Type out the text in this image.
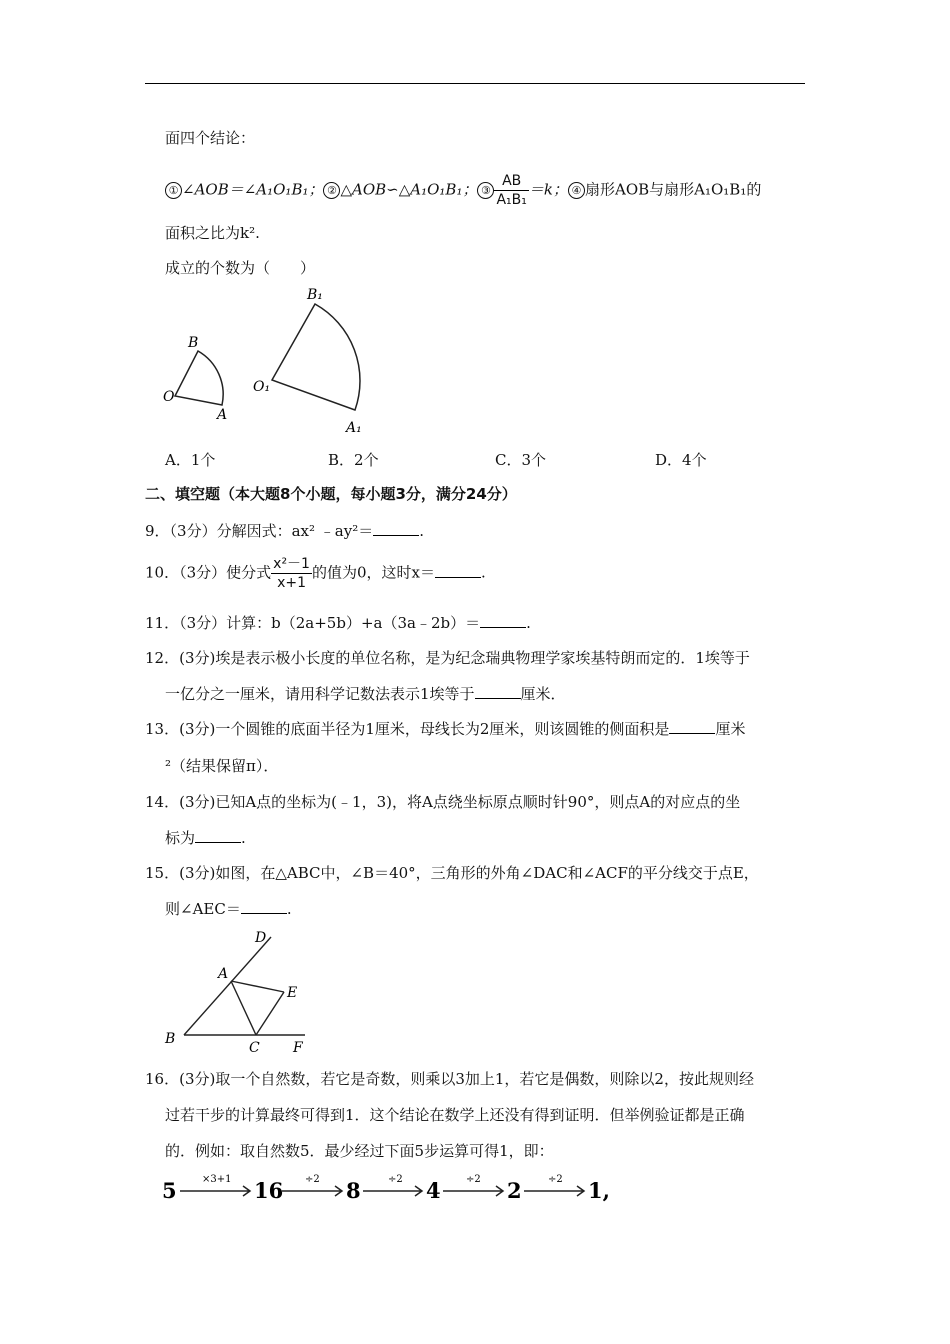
面四个结论：
① ∠AOB＝∠A₁O₁B₁； ② △AOB∽△A₁O₁B₁； ③ $\frac{AB}{\text{A₁B₁}} =k$； ④ 扇形AOB与扇形A₁O₁B₁的
面积之比为k².
成立的个数为（　　）
B
O
A
B₁
O₁
A₁
A．1个	B．2个	C．3个	D．4个
二、填空题（本大题8个小题，每小题3分，满分24分）
9．（3分）分解因式：ax² ﹣ay²＝	.
10．（3分）使分式 $\frac{\text{x²－1}}{x+1}$ 的值为0，这时x＝	.
11．（3分）计算：b（2a+5b）+a（3a﹣2b）＝	.
12．(3分)埃是表示极小长度的单位名称，是为纪念瑞典物理学家埃基特朗而定的．1埃等于
一亿分之一厘米，请用科学记数法表示1埃等于	厘米．
13．(3分)一个圆锥的底面半径为1厘米，母线长为2厘米，则该圆锥的侧面积是	厘米
²（结果保留π）．
14．(3分)已知A点的坐标为(﹣1，3)，将A点绕坐标原点顺时针90°，则点A的对应点的坐
标为	.
15．(3分)如图，在△ABC中，∠B＝40°，三角形的外角∠DAC和∠ACF的平分线交于点E，
则∠AEC＝	.
D
A
E
B
C F
16．(3分)取一个自然数，若它是奇数，则乘以3加上1，若它是偶数，则除以2，按此规则经
过若干步的计算最终可得到1．这个结论在数学上还没有得到证明．但举例验证都是正确
的．例如：取自然数5．最少经过下面5步运算可得1，即：
5	16	8	4	2	1,
×3+1	÷2	÷2	÷2	÷2
